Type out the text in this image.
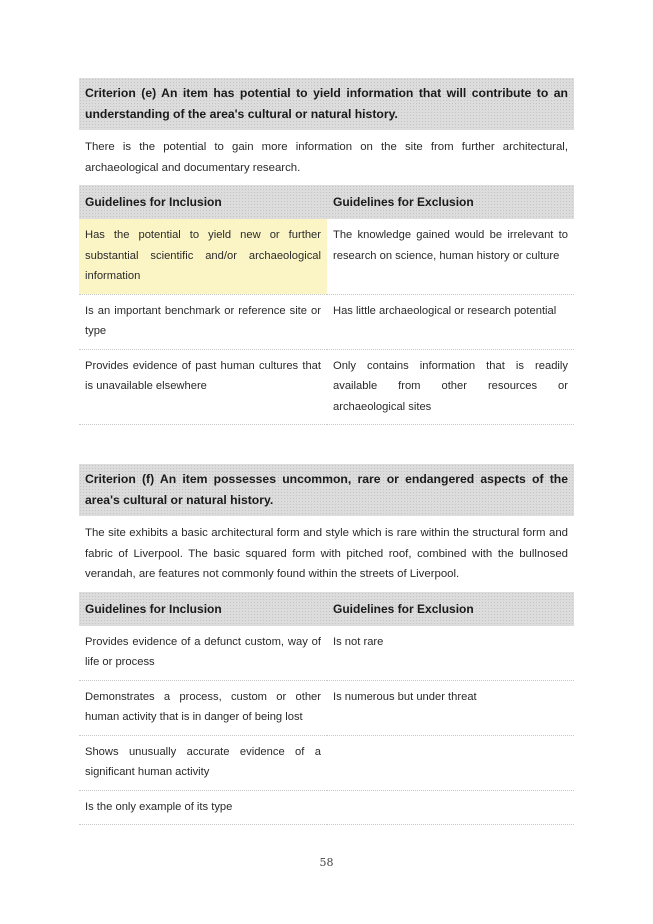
Criterion (e) An item has potential to yield information that will contribute to an understanding of the area's cultural or natural history.
There is the potential to gain more information on the site from further architectural, archaeological and documentary research.
Guidelines for Inclusion	Guidelines for Exclusion
Has the potential to yield new or further substantial scientific and/or archaeological information	The knowledge gained would be irrelevant to research on science, human history or culture
Is an important benchmark or reference site or type	Has little archaeological or research potential
Provides evidence of past human cultures that is unavailable elsewhere	Only contains information that is readily available from other resources or archaeological sites
Criterion (f) An item possesses uncommon, rare or endangered aspects of the area's cultural or natural history.
The site exhibits a basic architectural form and style which is rare within the structural form and fabric of Liverpool. The basic squared form with pitched roof, combined with the bullnosed verandah, are features not commonly found within the streets of Liverpool.
Guidelines for Inclusion	Guidelines for Exclusion
Provides evidence of a defunct custom, way of life or process	Is not rare
Demonstrates a process, custom or other human activity that is in danger of being lost	Is numerous but under threat
Shows unusually accurate evidence of a significant human activity	
Is the only example of its type	
58
